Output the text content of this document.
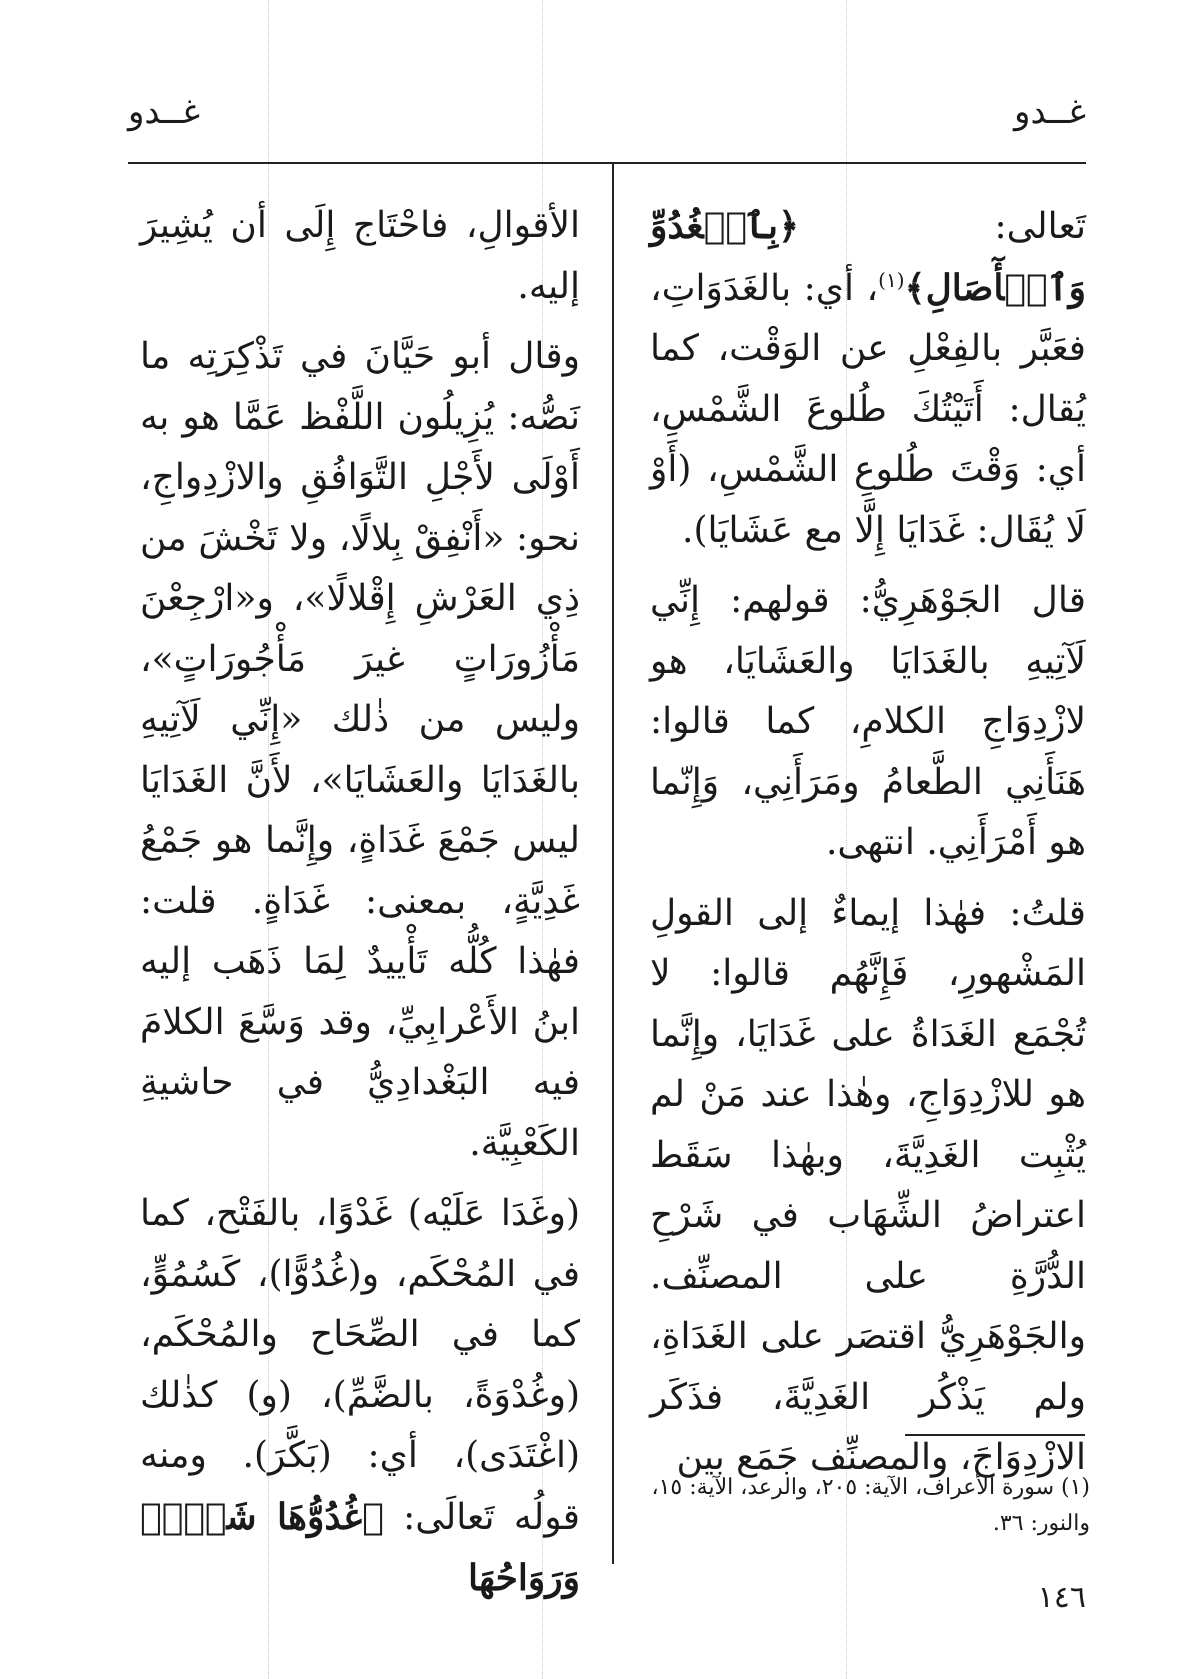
غــدو
غــدو

تَعالى: ﴿بِٱلۡغُدُوِّ وَٱلۡأٓصَالِ﴾$^{(١)}$، أي: بالغَدَوَاتِ، فعَبَّر بالفِعْلِ عن الوَقْت، كما يُقال: أَتَيْتُكَ طُلوعَ الشَّمْسِ، أي: وَقْتَ طُلوعِ الشَّمْسِ، (أَوْ لَا يُقَال: غَدَايَا إِلَّا مع عَشَايَا).

قال الجَوْهَرِيُّ: قولهم: إِنِّي لَآتِيهِ بالغَدَايَا والعَشَايَا، هو لازْدِوَاجِ الكلامِ، كما قالوا: هَنَأَنِي الطَّعامُ ومَرَأَنِي، وَإِنّما هو أَمْرَأَنِي. انتهى.

قلتُ: فهٰذا إيماءٌ إلى القولِ المَشْهورِ، فَإِنَّهُم قالوا: لا تُجْمَع الغَدَاةُ على غَدَايَا، وإِنَّما هو للازْدِوَاجِ، وهٰذا عند مَنْ لم يُثْبِت الغَدِيَّةَ، وبهٰذا سَقَط اعتراضُ الشِّهَاب في شَرْحِ الدُّرَّةِ على المصنِّف. والجَوْهَرِيُّ اقتصَر على الغَدَاةِ، ولم يَذْكُر الغَدِيَّةَ، فذَكَر الازْدِوَاجَ، والمصنِّف جَمَع بين

الأقوالِ، فاحْتَاج إِلَى أن يُشِيرَ إليه.

وقال أبو حَيَّانَ في تَذْكِرَتِه ما نَصُّه: يُزِيلُون اللَّفْظ عَمَّا هو به أَوْلَى لأَجْلِ التَّوَافُقِ والازْدِواجِ، نحو: «أَنْفِقْ بِلالًا، ولا تَخْشَ من ذِي العَرْشِ إِقْلالًا»، و«ارْجِعْنَ مَأْزُورَاتٍ غيرَ مَأْجُورَاتٍ»، وليس من ذٰلك «إِنِّي لَآتِيهِ بالغَدَايَا والعَشَايَا»، لأَنَّ الغَدَايَا ليس جَمْعَ غَدَاةٍ، وإِنَّما هو جَمْعُ غَدِيَّةٍ، بمعنى: غَدَاةٍ. قلت: فهٰذا كُلُّه تَأْييدٌ لِمَا ذَهَب إليه ابنُ الأَعْرابِيِّ، وقد وَسَّعَ الكلامَ فيه البَغْدادِيُّ في حاشيةِ الكَعْبِيَّة.

(وغَدَا عَلَيْه) غَدْوًا، بالفَتْح، كما في المُحْكَم، و(غُدُوًّا)، كَسُمُوٍّ، كما في الصِّحَاح والمُحْكَم، (وغُدْوَةً، بالضَّمِّ)، (و) كذٰلك (اغْتَدَى)، أي: (بَكَّرَ). ومنه قولُه تَعالَى: ﴿غُدُوُّهَا شَهۡرٞ وَرَوَاحُهَا

(١) سورة الأعراف، الآية: ٢٠٥، والرعد، الآية: ١٥، والنور: ٣٦.
١٤٦
